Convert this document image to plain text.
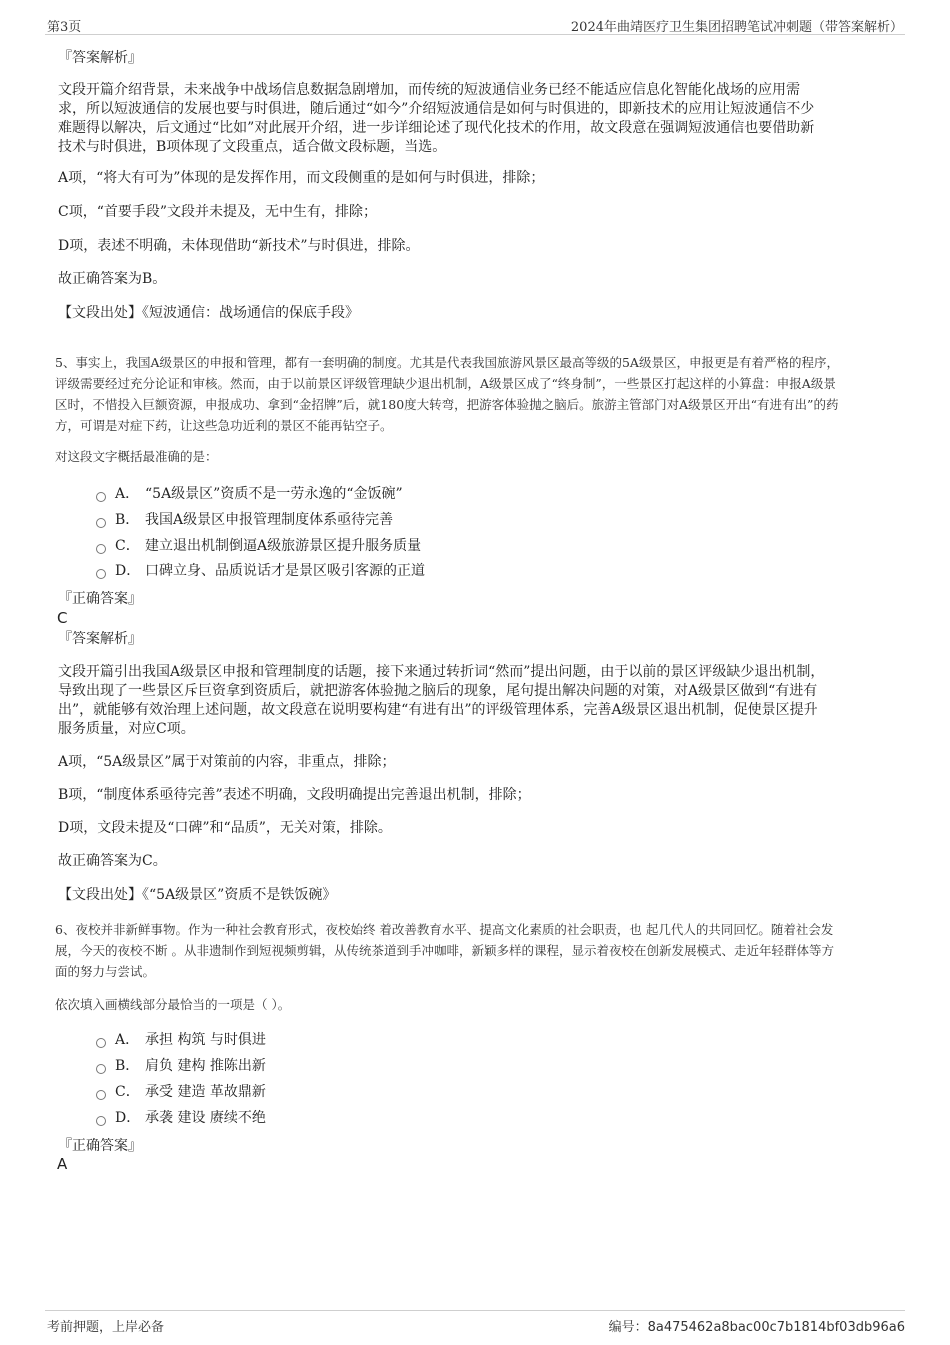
第3页	2024年曲靖医疗卫生集团招聘笔试冲刺题（带答案解析）
『答案解析』
文段开篇介绍背景，未来战争中战场信息数据急剧增加，而传统的短波通信业务已经不能适应信息化智能化战场的应用需
求，所以短波通信的发展也要与时俱进，随后通过“如今”介绍短波通信是如何与时俱进的，即新技术的应用让短波通信不少
难题得以解决，后文通过“比如”对此展开介绍，进一步详细论述了现代化技术的作用，故文段意在强调短波通信也要借助新
技术与时俱进，B项体现了文段重点，适合做文段标题，当选。
A项，“将大有可为”体现的是发挥作用，而文段侧重的是如何与时俱进，排除；
C项，“首要手段”文段并未提及，无中生有，排除；
D项，表述不明确，未体现借助“新技术”与时俱进，排除。
故正确答案为B。
【文段出处】《短波通信：战场通信的保底手段》
5、事实上，我国A级景区的申报和管理，都有一套明确的制度。尤其是代表我国旅游风景区最高等级的5A级景区，申报更是有着严格的程序，
评级需要经过充分论证和审核。然而，由于以前景区评级管理缺少退出机制，A级景区成了“终身制”，一些景区打起这样的小算盘：申报A级景
区时，不惜投入巨额资源，申报成功、拿到“金招牌”后，就180度大转弯，把游客体验抛之脑后。旅游主管部门对A级景区开出“有进有出”的药
方，可谓是对症下药，让这些急功近利的景区不能再钻空子。
对这段文字概括最准确的是：
A． “5A级景区”资质不是一劳永逸的“金饭碗”
B． 我国A级景区申报管理制度体系亟待完善
C． 建立退出机制倒逼A级旅游景区提升服务质量
D． 口碑立身、品质说话才是景区吸引客源的正道
『正确答案』
C
『答案解析』
文段开篇引出我国A级景区申报和管理制度的话题，接下来通过转折词“然而”提出问题，由于以前的景区评级缺少退出机制，
导致出现了一些景区斥巨资拿到资质后，就把游客体验抛之脑后的现象，尾句提出解决问题的对策，对A级景区做到“有进有
出”，就能够有效治理上述问题，故文段意在说明要构建“有进有出”的评级管理体系，完善A级景区退出机制，促使景区提升
服务质量，对应C项。
A项，“5A级景区”属于对策前的内容，非重点，排除；
B项，“制度体系亟待完善”表述不明确，文段明确提出完善退出机制，排除；
D项，文段未提及“口碑”和“品质”，无关对策，排除。
故正确答案为C。
【文段出处】《“5A级景区”资质不是铁饭碗》
6、夜校并非新鲜事物。作为一种社会教育形式，夜校始终 着改善教育水平、提高文化素质的社会职责，也 起几代人的共同回忆。随着社会发
展，今天的夜校不断 。从非遗制作到短视频剪辑，从传统茶道到手冲咖啡，新颖多样的课程，显示着夜校在创新发展模式、走近年轻群体等方
面的努力与尝试。
依次填入画横线部分最恰当的一项是（ ）。
A． 承担 构筑 与时俱进
B． 肩负 建构 推陈出新
C． 承受 建造 革故鼎新
D． 承袭 建设 赓续不绝
『正确答案』
A
考前押题，上岸必备	编号：8a475462a8bac00c7b1814bf03db96a6
